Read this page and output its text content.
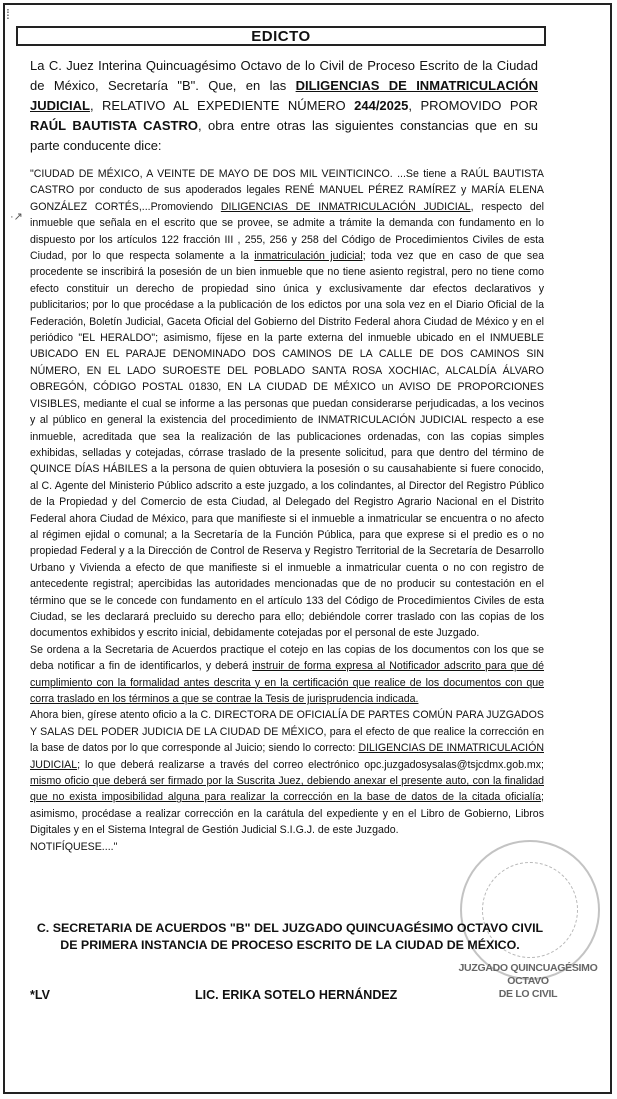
⁞
·↗
EDICTO
La C. Juez Interina Quincuagésimo Octavo de lo Civil de Proceso Escrito de la Ciudad de México, Secretaría "B". Que, en las DILIGENCIAS DE INMATRICULACIÓN JUDICIAL, RELATIVO AL EXPEDIENTE NÚMERO 244/2025, PROMOVIDO POR RAÚL BAUTISTA CASTRO, obra entre otras las siguientes constancias que en su parte conducente dice:

"CIUDAD DE MÉXICO, A VEINTE DE MAYO DE DOS MIL VEINTICINCO. ...Se tiene a RAÚL BAUTISTA CASTRO por conducto de sus apoderados legales RENÉ MANUEL PÉREZ RAMÍREZ y MARÍA ELENA GONZÁLEZ CORTÉS,...Promoviendo DILIGENCIAS DE INMATRICULACIÓN JUDICIAL, respecto del inmueble que señala en el escrito que se provee, se admite a trámite la demanda con fundamento en lo dispuesto por los artículos 122 fracción III , 255, 256 y 258 del Código de Procedimientos Civiles de esta Ciudad, por lo que respecta solamente a la inmatriculación judicial; toda vez que en caso de que sea procedente se inscribirá la posesión de un bien inmueble que no tiene asiento registral, pero no tiene como efecto constituir un derecho de propiedad sino única y exclusivamente dar efectos declarativos y publicitarios; por lo que procédase a la publicación de los edictos por una sola vez en el Diario Oficial de la Federación, Boletín Judicial, Gaceta Oficial del Gobierno del Distrito Federal ahora Ciudad de México y en el periódico "EL HERALDO"; asimismo, fíjese en la parte externa del inmueble ubicado en el INMUEBLE UBICADO EN EL PARAJE DENOMINADO DOS CAMINOS DE LA CALLE DE DOS CAMINOS SIN NÚMERO, EN EL LADO SUROESTE DEL POBLADO SANTA ROSA XOCHIAC, ALCALDÍA ÁLVARO OBREGÓN, CÓDIGO POSTAL 01830, EN LA CIUDAD DE MÉXICO un AVISO DE PROPORCIONES VISIBLES, mediante el cual se informe a las personas que puedan considerarse perjudicadas, a los vecinos y al público en general la existencia del procedimiento de INMATRICULACIÓN JUDICIAL respecto a ese inmueble, acreditada que sea la realización de las publicaciones ordenadas, con las copias simples exhibidas, selladas y cotejadas, córrase traslado de la presente solicitud, para que dentro del término de QUINCE DÍAS HÁBILES a la persona de quien obtuviera la posesión o su causahabiente si fuere conocido, al C. Agente del Ministerio Público adscrito a este juzgado, a los colindantes, al Director del Registro Público de la Propiedad y del Comercio de esta Ciudad, al Delegado del Registro Agrario Nacional en el Distrito Federal ahora Ciudad de México, para que manifieste si el inmueble a inmatricular se encuentra o no afecto al régimen ejidal o comunal; a la Secretaría de la Función Pública, para que exprese si el predio es o no propiedad Federal y a la Dirección de Control de Reserva y Registro Territorial de la Secretaría de Desarrollo Urbano y Vivienda a efecto de que manifieste si el inmueble a inmatricular cuenta o no con registro de antecedente registral; apercibidas las autoridades mencionadas que de no producir su contestación en el término que se le concede con fundamento en el artículo 133 del Código de Procedimientos Civiles de esta Ciudad, se les declarará precluido su derecho para ello; debiéndole correr traslado con las copias de los documentos exhibidos y escrito inicial, debidamente cotejadas por el personal de este Juzgado.

Se ordena a la Secretaria de Acuerdos practique el cotejo en las copias de los documentos con los que se deba notificar a fin de identificarlos, y deberá instruir de forma expresa al Notificador adscrito para que dé cumplimiento con la formalidad antes descrita y en la certificación que realice de los documentos con que corra traslado en los términos a que se contrae la Tesis de jurisprudencia indicada.

Ahora bien, gírese atento oficio a la C. DIRECTORA DE OFICIALÍA DE PARTES COMÚN PARA JUZGADOS Y SALAS DEL PODER JUDICIA DE LA CIUDAD DE MÉXICO, para el efecto de que realice la corrección en la base de datos por lo que corresponde al Juicio; siendo lo correcto: DILIGENCIAS DE INMATRICULACIÓN JUDICIAL; lo que deberá realizarse a través del correo electrónico opc.juzgadosysalas@tsjcdmx.gob.mx; mismo oficio que deberá ser firmado por la Suscrita Juez, debiendo anexar el presente auto, con la finalidad que no exista imposibilidad alguna para realizar la corrección en la base de datos de la citada oficialía; asimismo, procédase a realizar corrección en la carátula del expediente y en el Libro de Gobierno, Libros Digitales y en el Sistema Integral de Gestión Judicial S.I.G.J. de este Juzgado.

NOTIFÍQUESE...."

C. SECRETARIA DE ACUERDOS "B" DEL JUZGADO QUINCUAGÉSIMO OCTAVO CIVIL
DE PRIMERA INSTANCIA DE PROCESO ESCRITO DE LA CIUDAD DE MÉXICO.
JUZGADO QUINCUAGÉSIMO OCTAVO
DE LO CIVIL
*LV	LIC. ERIKA SOTELO HERNÁNDEZ
